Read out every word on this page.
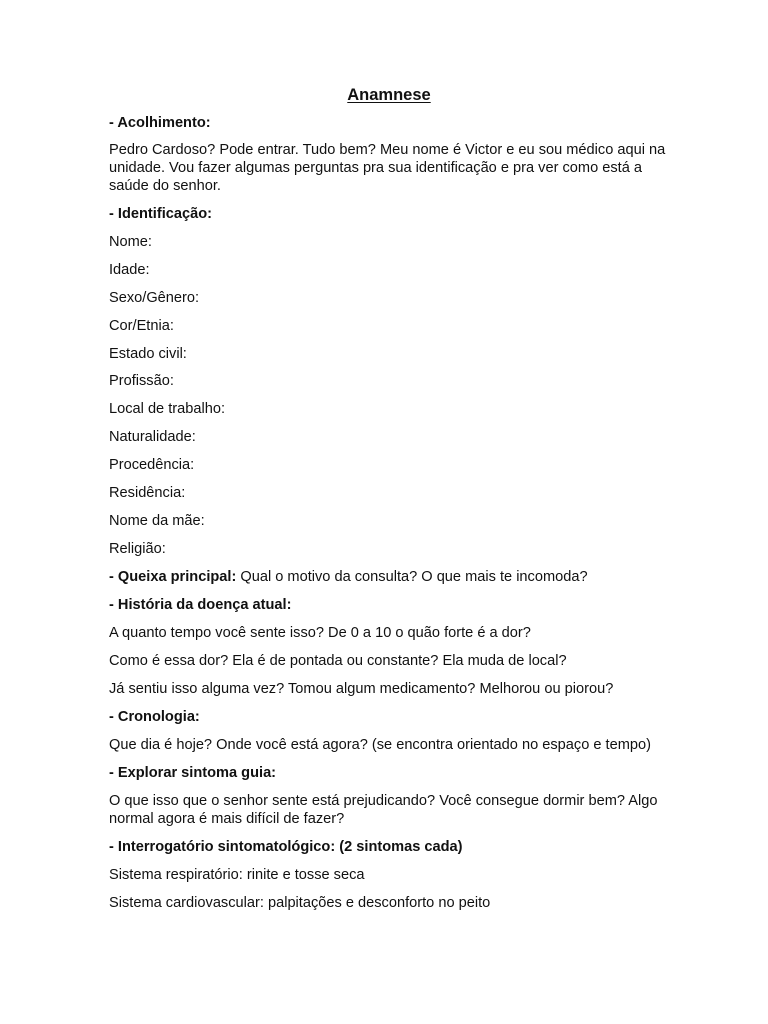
Anamnese
- Acolhimento:
Pedro Cardoso? Pode entrar. Tudo bem? Meu nome é Victor e eu sou médico aqui na unidade. Vou fazer algumas perguntas pra sua identificação e pra ver como está a saúde do senhor.
- Identificação:
Nome:
Idade:
Sexo/Gênero:
Cor/Etnia:
Estado civil:
Profissão:
Local de trabalho:
Naturalidade:
Procedência:
Residência:
Nome da mãe:
Religião:
- Queixa principal: Qual o motivo da consulta? O que mais te incomoda?
- História da doença atual:
A quanto tempo você sente isso? De 0 a 10 o quão forte é a dor?
Como é essa dor? Ela é de pontada ou constante? Ela muda de local?
Já sentiu isso alguma vez? Tomou algum medicamento? Melhorou ou piorou?
- Cronologia:
Que dia é hoje? Onde você está agora? (se encontra orientado no espaço e tempo)
- Explorar sintoma guia:
O que isso que o senhor sente está prejudicando? Você consegue dormir bem? Algo normal agora é mais difícil de fazer?
- Interrogatório sintomatológico: (2 sintomas cada)
Sistema respiratório: rinite e tosse seca
Sistema cardiovascular: palpitações e desconforto no peito
